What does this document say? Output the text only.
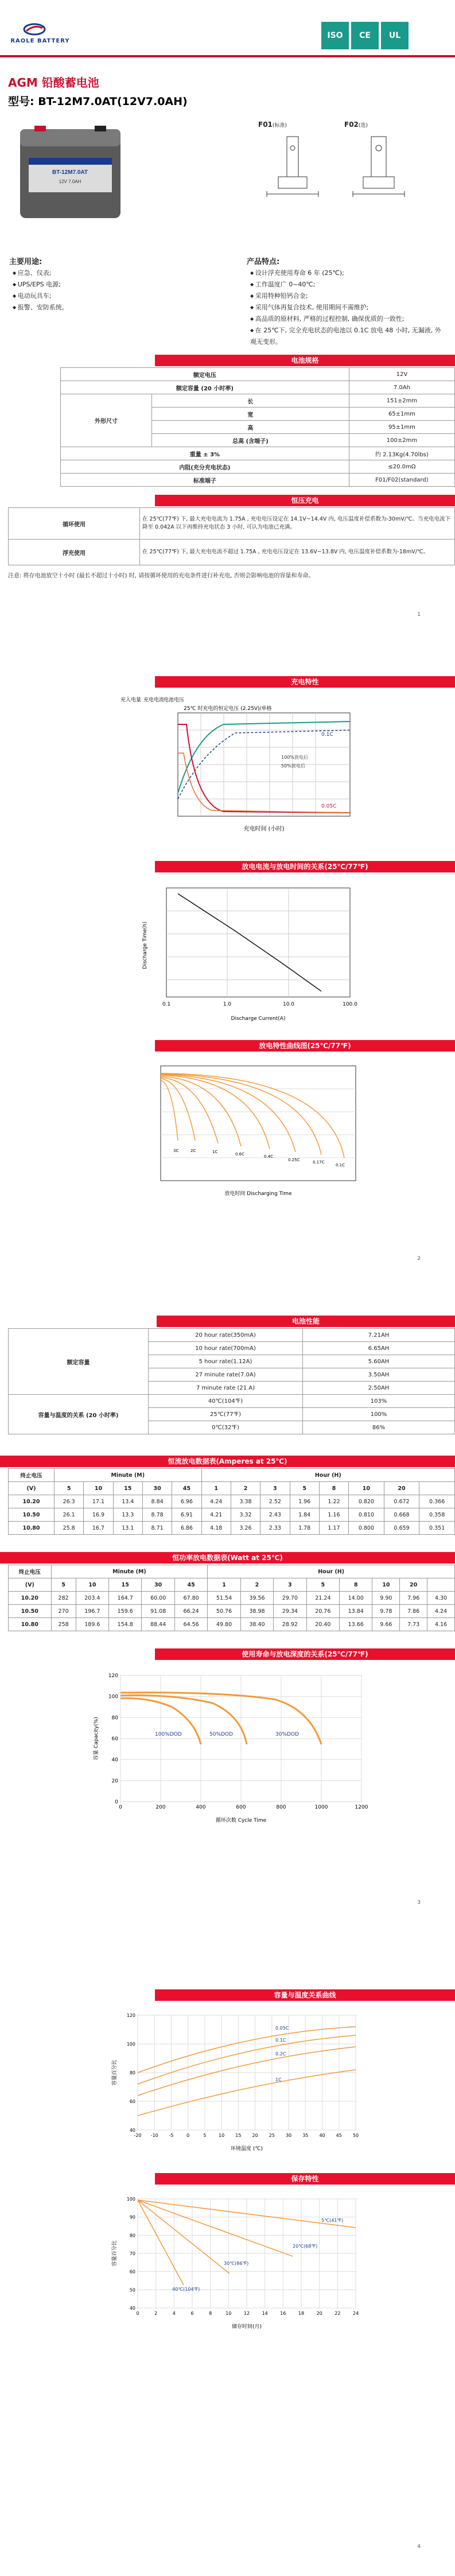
RAOLE BATTERY
ISO	CE	UL
AGM 铅酸蓄电池
型号: BT-12M7.0AT(12V7.0AH)
BT-12M7.0AT
12V 7.0AH
F01(标准)	F02(选)
主要用途:
◆ 应急、仪表;
◆ UPS/EPS 电源;
◆ 电动玩具车;
◆ 报警、安防系统。
产品特点:
◆ 设计浮充使用寿命 6 年 (25℃);
◆ 工作温度广 0~40℃;
◆ 采用特种铅钙合金;
◆ 采用气体再复合技术, 使用期间不需维护;
◆ 高品质的原材料, 严格的过程控制, 确保优质的一致性;
◆ 在 25℃下, 完全充电状态的电池以 0.1C 放电 48 小时, 无漏液, 外观无变形。
电池规格
额定电压		12V
额定容量 (20 小时率)		7.0Ah
外形尺寸	长	151±2mm
	宽	65±1mm
	高	95±1mm
	总高 (含端子)	100±2mm
重量 ± 3%		约 2.13Kg(4.70lbs)
内阻(充分充电状态)		≤20.0mΩ
标准端子		F01/F02(standard)
恒压充电
循环使用	在 25℃(77℉) 下, 最大充电电流为 1.75A , 充电电压设定在 14.1V~14.4V 内, 电压温度补偿系数为-30mV/℃。当充电电流下降至 0.042A 以下再维持充电状态 3 小时, 可认为电池已充满。
浮充使用	在 25℃(77℉) 下, 最大充电电流不超过 1.75A , 充电电压设定在 13.6V~13.8V 内, 电压温度补偿系数为-18mV/℃。
注意: 将存电池放空十小时 (最长不超过十小时) 时, 请按循环使用的充电条件进行补充电, 否则会影响电池的容量和寿命。
1
充电特性
25℃ 时充电的恒定电压 (2.25V)/单格
充入电量 充电电流
电池电压
充电时间 (小时)
0.1C
0.05C
100%放电后
50%放电后
放电电流与放电时间的关系(25℃/77℉)
Discharge Time(h)
Discharge Current(A)
0.1	1.0	10.0	100.0
放电特性曲线图(25℃/77℉)
放电时间 Discharging Time
3C	2C	1C	0.6C	0.4C
0.25C	0.17C
0.1C
2
电池性能
额定容量	20 hour rate(350mA)	7.21AH
	10 hour rate(700mA)	6.65AH
	5 hour rate(1.12A)	5.60AH
	27 minute rate(7.0A)	3.50AH
	7 minute rate (21 A)	2.50AH
容量与温度的关系 (20 小时率)	40℃(104℉)	103%
	25℃(77℉)	100%
	0℃(32℉)	86%
恒流放电数据表(Amperes at 25℃)
终止电压	Minute (M)					Hour (H)							
(V)	5	10	15	30	45	1	2	3	5	8	10	20	
10.20	26.3	17.1	13.4	8.84	6.96	4.24	3.38	2.52	1.96	1.22	0.820	0.672	0.366
10.50	26.1	16.9	13.3	8.78	6.91	4.21	3.32	2.43	1.84	1.16	0.810	0.668	0.358
10.80	25.8	16.7	13.1	8.71	6.86	4.18	3.26	2.33	1.78	1.17	0.800	0.659	0.351
恒功率放电数据表(Watt at 25℃)
终止电压	Minute (M)					Hour (H)							
(V)	5	10	15	30	45	1	2	3	5	8	10	20	
10.20	282	203.4	164.7	60.00	67.80	51.54	39.56	29.70	21.24	14.00	9.90	7.96	4.30
10.50	270	196.7	159.6	91.08	66.24	50.76	38.98	29.34	20.76	13.84	9.78	7.86	4.24
10.80	258	189.6	154.8	88.44	64.56	49.80	38.40	28.92	20.40	13.66	9.66	7.73	4.16
使用寿命与放电深度的关系(25℃/77℉)
0	200	400	600	800	1000	1200
0
20
40
60
80
100
120
100%DOD	50%DOD	30%DOD
容量 Capacity(%)
循环次数 Cycle Time
3
容量与温度关系曲线
-20 -10 -5	0	5	10 15 20 25 30 35 40 45 50
40
60
80
100
120
0.05C
0.1C
0.2C
1C
容量百分比
环境温度 (℃)
保存特性
0	2	4	6	8	10	12	14	16	18	20	22	24
40
50
60
70
80
90
100
5℃(41℉)
20℃(68℉)
30℃(86℉)
40℃(104℉)
容量百分比
储存时间(月)
4
